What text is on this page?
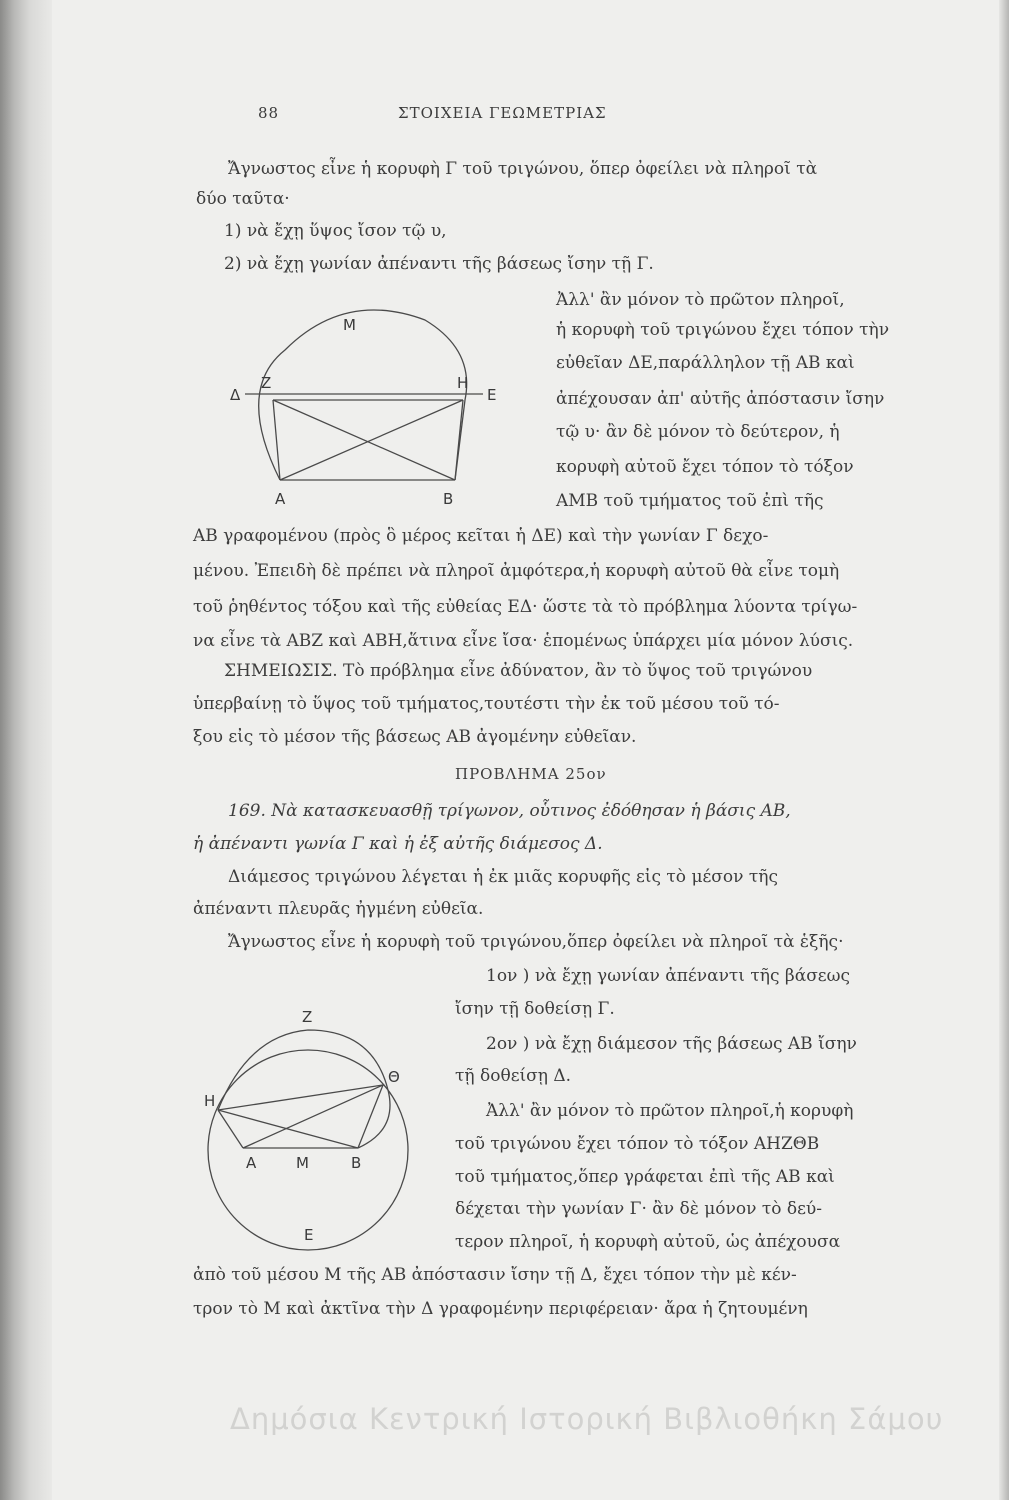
88	ΣΤΟΙΧΕΙΑ ΓΕΩΜΕΤΡΙΑΣ
Ἄγνωστος εἶνε ἡ κορυφὴ Γ τοῦ τριγώνου, ὅπερ ὀφείλει νὰ πληροῖ τὰ
δύο ταῦτα·
1) νὰ ἔχῃ ὕψος ἴσον τῷ υ,
2) νὰ ἔχῃ γωνίαν ἀπέναντι τῆς βάσεως ἴσην τῇ Γ.
Ἀλλ' ἂν μόνον τὸ πρῶτον πληροῖ,
ἡ κορυφὴ τοῦ τριγώνου ἔχει τόπον τὴν
εὐθεῖαν ΔΕ,παράλληλον τῇ ΑΒ καὶ
ἀπέχουσαν ἀπ' αὐτῆς ἀπόστασιν ἴσην
τῷ υ· ἂν δὲ μόνον τὸ δεύτερον, ἡ
κορυφὴ αὐτοῦ ἔχει τόπον τὸ τόξον
ΑΜΒ τοῦ τμήματος τοῦ ἐπὶ τῆς
ΑΒ γραφομένου (πρὸς ὃ μέρος κεῖται ἡ ΔΕ) καὶ τὴν γωνίαν Γ δεχο-
μένου. Ἐπειδὴ δὲ πρέπει νὰ πληροῖ ἀμφότερα,ἡ κορυφὴ αὐτοῦ θὰ εἶνε τομὴ
τοῦ ῥηθέντος τόξου καὶ τῆς εὐθείας ΕΔ· ὥστε τὰ τὸ πρόβλημα λύοντα τρίγω-
να εἶνε τὰ ΑΒΖ καὶ ΑΒΗ,ἅτινα εἶνε ἴσα· ἑπομένως ὑπάρχει μία μόνον λύσις.
ΣΗΜΕΙΩΣΙΣ. Τὸ πρόβλημα εἶνε ἀδύνατον, ἂν τὸ ὕψος τοῦ τριγώνου
ὑπερβαίνῃ τὸ ὕψος τοῦ τμήματος,τουτέστι τὴν ἐκ τοῦ μέσου τοῦ τό-
ξου εἰς τὸ μέσον τῆς βάσεως ΑΒ ἀγομένην εὐθεῖαν.
ΠΡΟΒΛΗΜΑ 25ον
169. Νὰ κατασκευασθῇ τρίγωνον, οὗτινος ἐδόθησαν ἡ βάσις ΑΒ,
ἡ ἀπέναντι γωνία Γ καὶ ἡ ἐξ αὐτῆς διάμεσος Δ.
Διάμεσος τριγώνου λέγεται ἡ ἐκ μιᾶς κορυφῆς εἰς τὸ μέσον τῆς
ἀπέναντι πλευρᾶς ἠγμένη εὐθεῖα.
Ἄγνωστος εἶνε ἡ κορυφὴ τοῦ τριγώνου,ὅπερ ὀφείλει νὰ πληροῖ τὰ ἑξῆς·
1ον ) νὰ ἔχῃ γωνίαν ἀπέναντι τῆς βάσεως
ἴσην τῇ δοθείσῃ Γ.
2ον ) νὰ ἔχῃ διάμεσον τῆς βάσεως ΑΒ ἴσην
τῇ δοθείσῃ Δ.
Ἀλλ' ἂν μόνον τὸ πρῶτον πληροῖ,ἡ κορυφὴ
τοῦ τριγώνου ἔχει τόπον τὸ τόξον ΑΗΖΘΒ
τοῦ τμήματος,ὅπερ γράφεται ἐπὶ τῆς ΑΒ καὶ
δέχεται τὴν γωνίαν Γ· ἂν δὲ μόνον τὸ δεύ-
τερον πληροῖ, ἡ κορυφὴ αὐτοῦ, ὡς ἀπέχουσα
ἀπὸ τοῦ μέσου Μ τῆς ΑΒ ἀπόστασιν ἴσην τῇ Δ, ἔχει τόπον τὴν μὲ κέν-
τρον τὸ Μ καὶ ἀκτῖνα τὴν Δ γραφομένην περιφέρειαν· ἄρα ἡ ζητουμένη
Μ
Δ
Ζ	Η
Ε
Α	Β
Ζ
Η
Θ
Α	Μ	Β
Ε
Δημόσια Κεντρική Ιστορική Βιβλιοθήκη Σάμου
